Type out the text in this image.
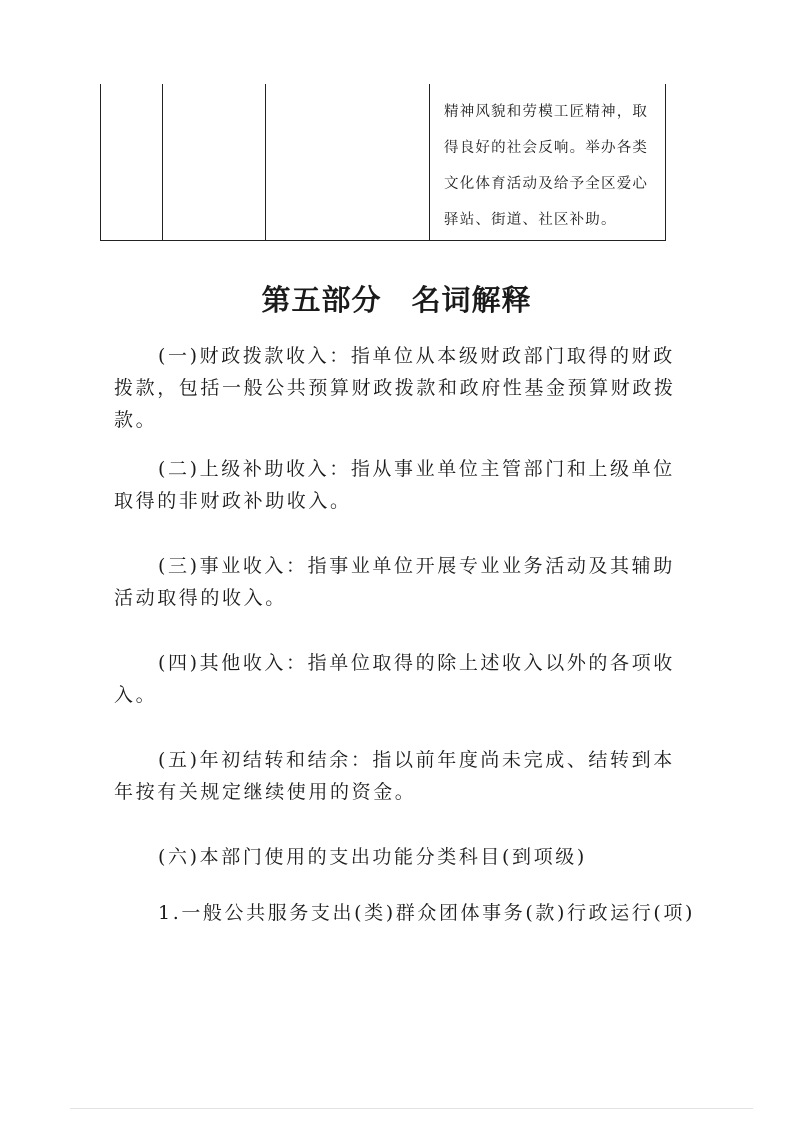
精神风貌和劳模工匠精神，取
得良好的社会反响。举办各类
文化体育活动及给予全区爱心
驿站、街道、社区补助。
第五部分　名词解释
(一)财政拨款收入：指单位从本级财政部门取得的财政
拨款，包括一般公共预算财政拨款和政府性基金预算财政拨
款。
(二)上级补助收入：指从事业单位主管部门和上级单位
取得的非财政补助收入。
(三)事业收入：指事业单位开展专业业务活动及其辅助
活动取得的收入。
(四)其他收入：指单位取得的除上述收入以外的各项收
入。
(五)年初结转和结余：指以前年度尚未完成、结转到本
年按有关规定继续使用的资金。
(六)本部门使用的支出功能分类科目(到项级)
1.一般公共服务支出(类)群众团体事务(款)行政运行(项)
